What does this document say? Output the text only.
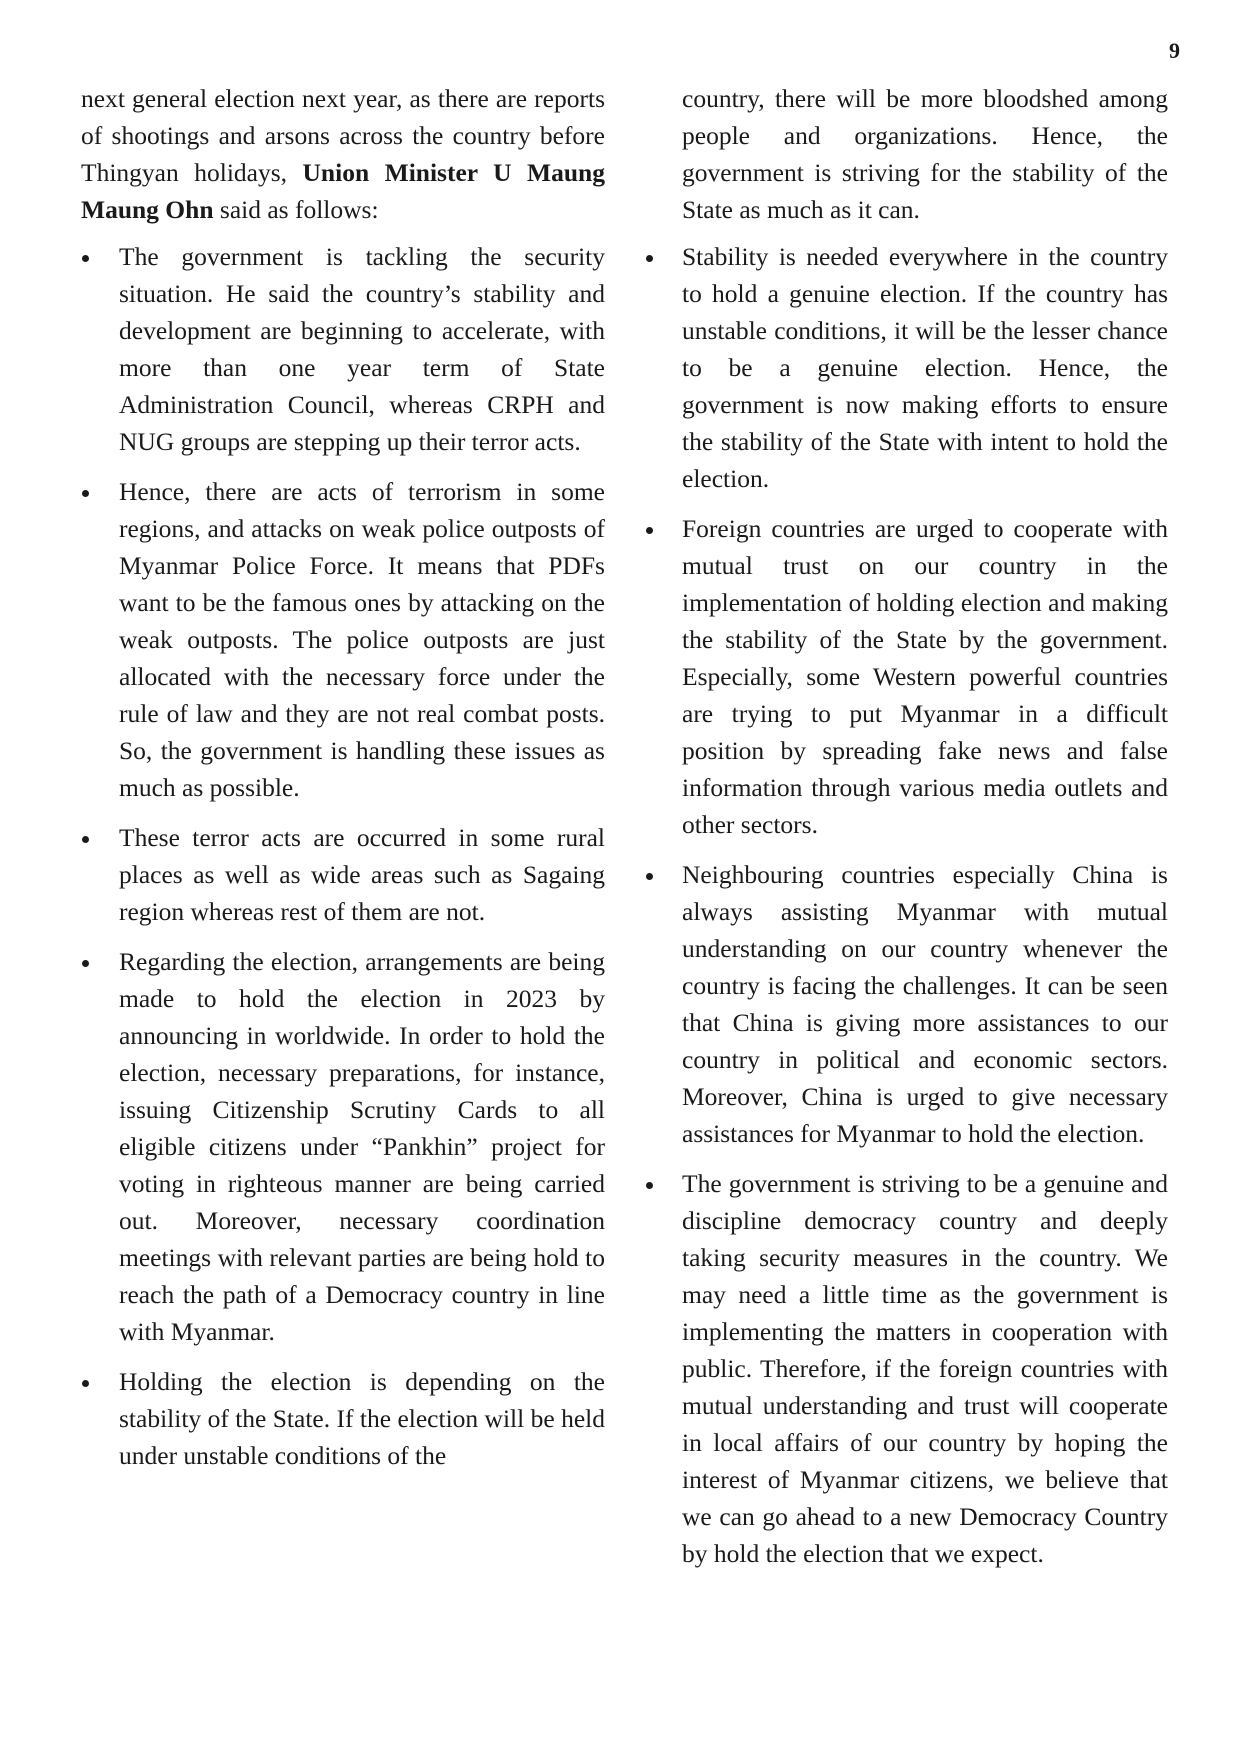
9

next general election next year, as there are reports of shootings and arsons across the country before Thingyan holidays, Union Minister U Maung Maung Ohn said as follows:

The government is tackling the security situation. He said the country’s stability and development are beginning to accelerate, with more than one year term of State Administration Council, whereas CRPH and NUG groups are stepping up their terror acts.
Hence, there are acts of terrorism in some regions, and attacks on weak police outposts of Myanmar Police Force. It means that PDFs want to be the famous ones by attacking on the weak outposts. The police outposts are just allocated with the necessary force under the rule of law and they are not real combat posts. So, the government is handling these issues as much as possible.
These terror acts are occurred in some rural places as well as wide areas such as Sagaing region whereas rest of them are not.
Regarding the election, arrangements are being made to hold the election in 2023 by announcing in worldwide. In order to hold the election, necessary preparations, for instance, issuing Citizenship Scrutiny Cards to all eligible citizens under “Pankhin” project for voting in righteous manner are being carried out. Moreover, necessary coordination meetings with relevant parties are being hold to reach the path of a Democracy country in line with Myanmar.
Holding the election is depending on the stability of the State. If the election will be held under unstable conditions of the

country, there will be more bloodshed among people and organizations. Hence, the government is striving for the stability of the State as much as it can.

Stability is needed everywhere in the country to hold a genuine election. If the country has unstable conditions, it will be the lesser chance to be a genuine election. Hence, the government is now making efforts to ensure the stability of the State with intent to hold the election.
Foreign countries are urged to cooperate with mutual trust on our country in the implementation of holding election and making the stability of the State by the government. Especially, some Western powerful countries are trying to put Myanmar in a difficult position by spreading fake news and false information through various media outlets and other sectors.
Neighbouring countries especially China is always assisting Myanmar with mutual understanding on our country whenever the country is facing the challenges. It can be seen that China is giving more assistances to our country in political and economic sectors. Moreover, China is urged to give necessary assistances for Myanmar to hold the election.
The government is striving to be a genuine and discipline democracy country and deeply taking security measures in the country. We may need a little time as the government is implementing the matters in cooperation with public. Therefore, if the foreign countries with mutual understanding and trust will cooperate in local affairs of our country by hoping the interest of Myanmar citizens, we believe that we can go ahead to a new Democracy Country by hold the election that we expect.
